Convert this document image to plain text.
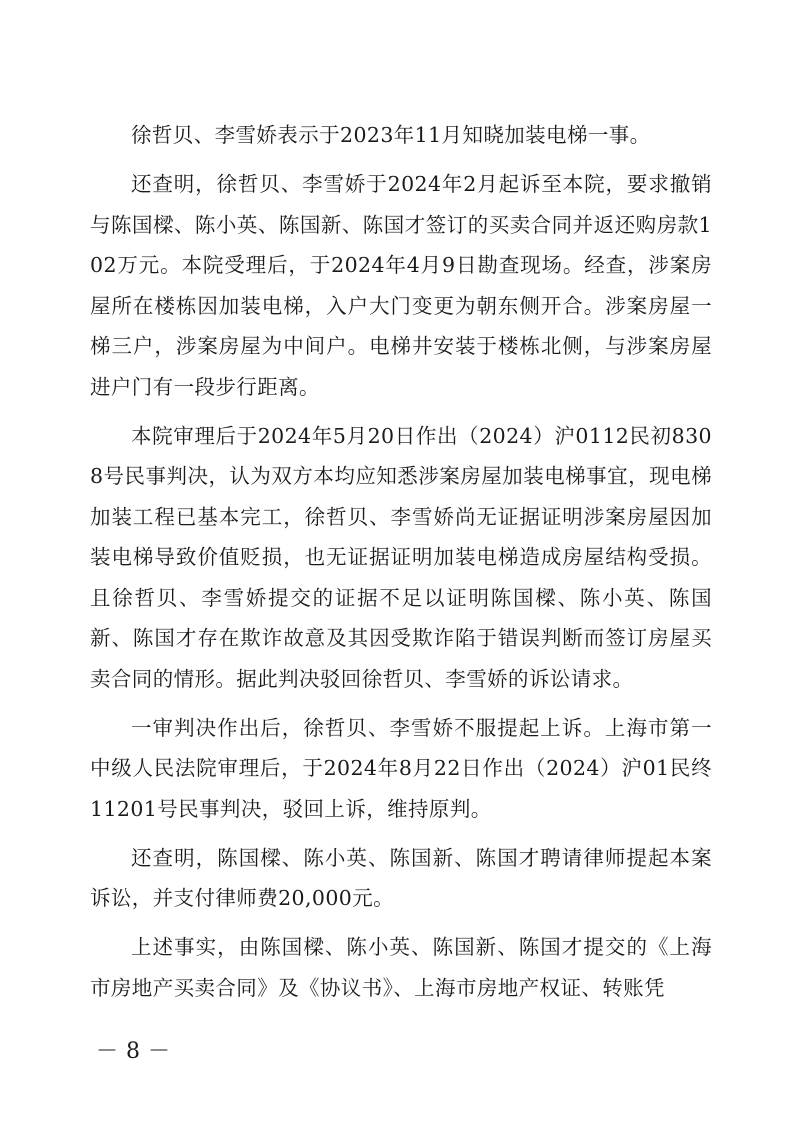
徐哲贝、李雪娇表示于2023年11月知晓加装电梯一事。

还查明，徐哲贝、李雪娇于2024年2月起诉至本院，要求撤销与陈国樑、陈小英、陈国新、陈国才签订的买卖合同并返还购房款102万元。本院受理后，于2024年4月9日勘查现场。经查，涉案房屋所在楼栋因加装电梯，入户大门变更为朝东侧开合。涉案房屋一梯三户，涉案房屋为中间户。电梯井安装于楼栋北侧，与涉案房屋进户门有一段步行距离。

本院审理后于2024年5月20日作出（2024）沪0112民初8308号民事判决，认为双方本均应知悉涉案房屋加装电梯事宜，现电梯加装工程已基本完工，徐哲贝、李雪娇尚无证据证明涉案房屋因加装电梯导致价值贬损，也无证据证明加装电梯造成房屋结构受损。且徐哲贝、李雪娇提交的证据不足以证明陈国樑、陈小英、陈国新、陈国才存在欺诈故意及其因受欺诈陷于错误判断而签订房屋买卖合同的情形。据此判决驳回徐哲贝、李雪娇的诉讼请求。

一审判决作出后，徐哲贝、李雪娇不服提起上诉。上海市第一中级人民法院审理后，于2024年8月22日作出（2024）沪01民终11201号民事判决，驳回上诉，维持原判。

还查明，陈国樑、陈小英、陈国新、陈国才聘请律师提起本案诉讼，并支付律师费20,000元。

上述事实，由陈国樑、陈小英、陈国新、陈国才提交的《上海市房地产买卖合同》及《协议书》、上海市房地产权证、转账凭

－ 8 －
